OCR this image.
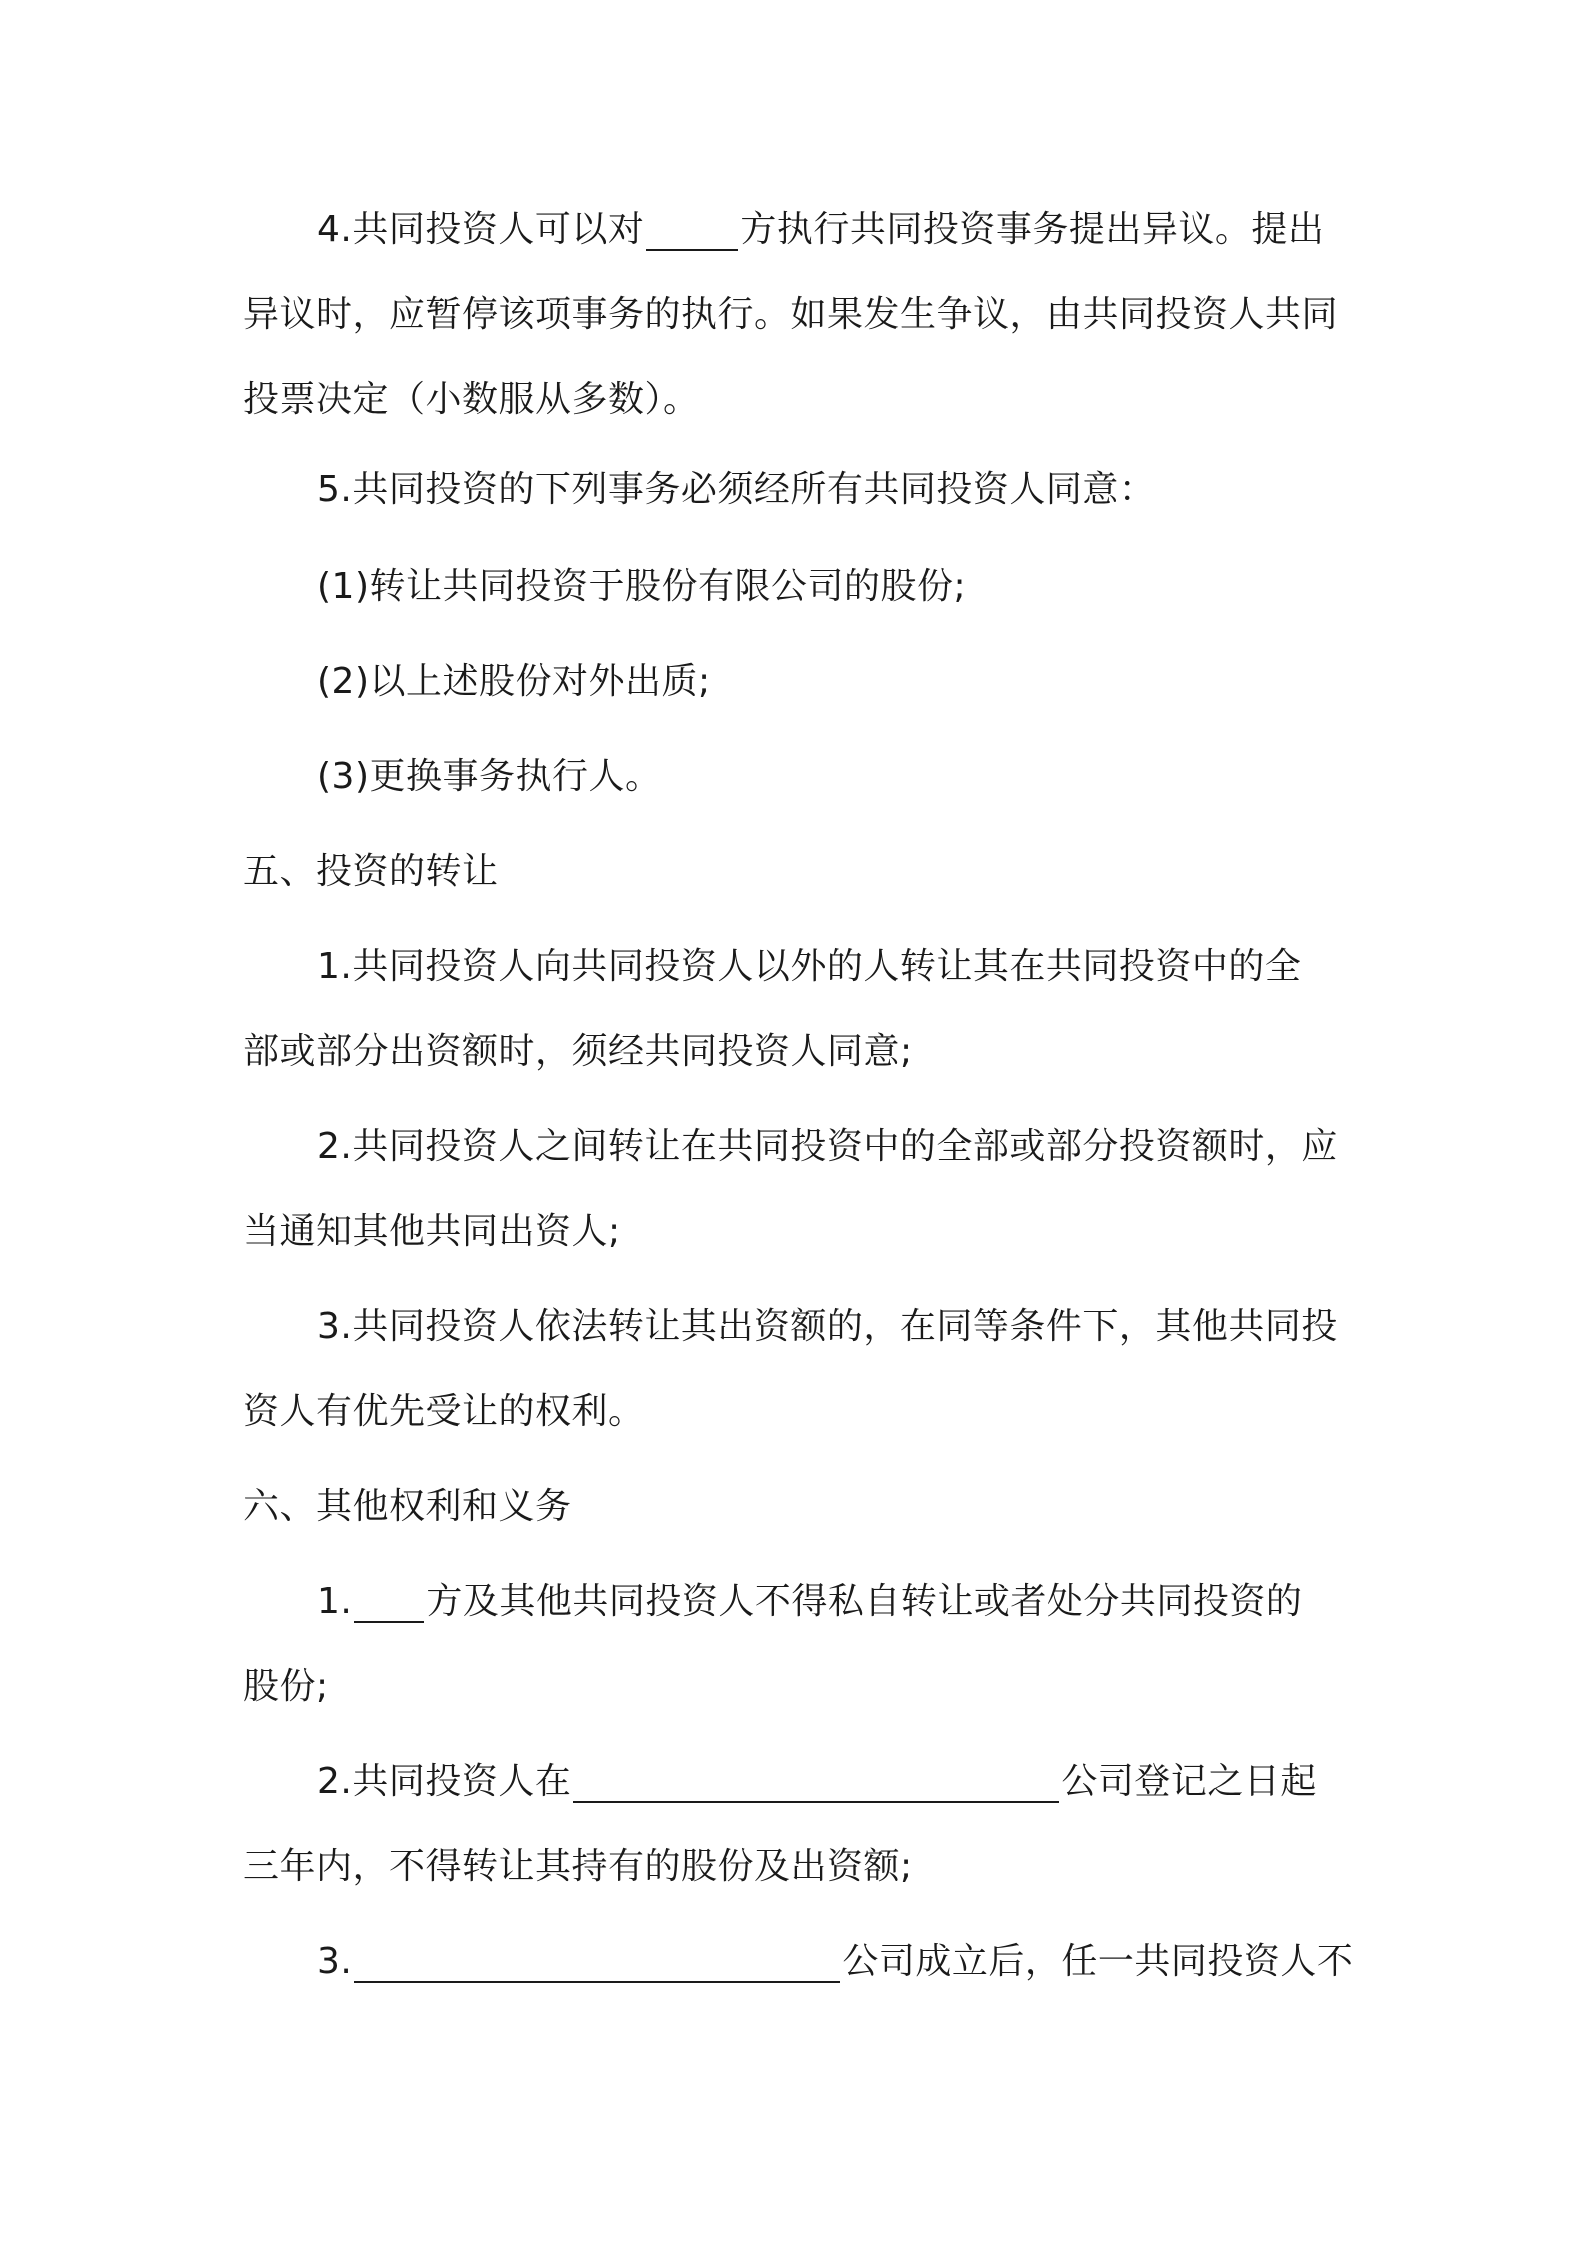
4.共同投资人可以对	方执行共同投资事务提出异议。提出
异议时，应暂停该项事务的执行。如果发生争议，由共同投资人共同
投票决定（小数服从多数）。
5.共同投资的下列事务必须经所有共同投资人同意：
(1)转让共同投资于股份有限公司的股份;
(2)以上述股份对外出质;
(3)更换事务执行人。
五、投资的转让
1.共同投资人向共同投资人以外的人转让其在共同投资中的全
部或部分出资额时，须经共同投资人同意;
2.共同投资人之间转让在共同投资中的全部或部分投资额时，应
当通知其他共同出资人;
3.共同投资人依法转让其出资额的，在同等条件下，其他共同投
资人有优先受让的权利。
六、其他权利和义务
1. 方及其他共同投资人不得私自转让或者处分共同投资的
股份;
2.共同投资人在	公司登记之日起
三年内，不得转让其持有的股份及出资额;
3.	公司成立后，任一共同投资人不
